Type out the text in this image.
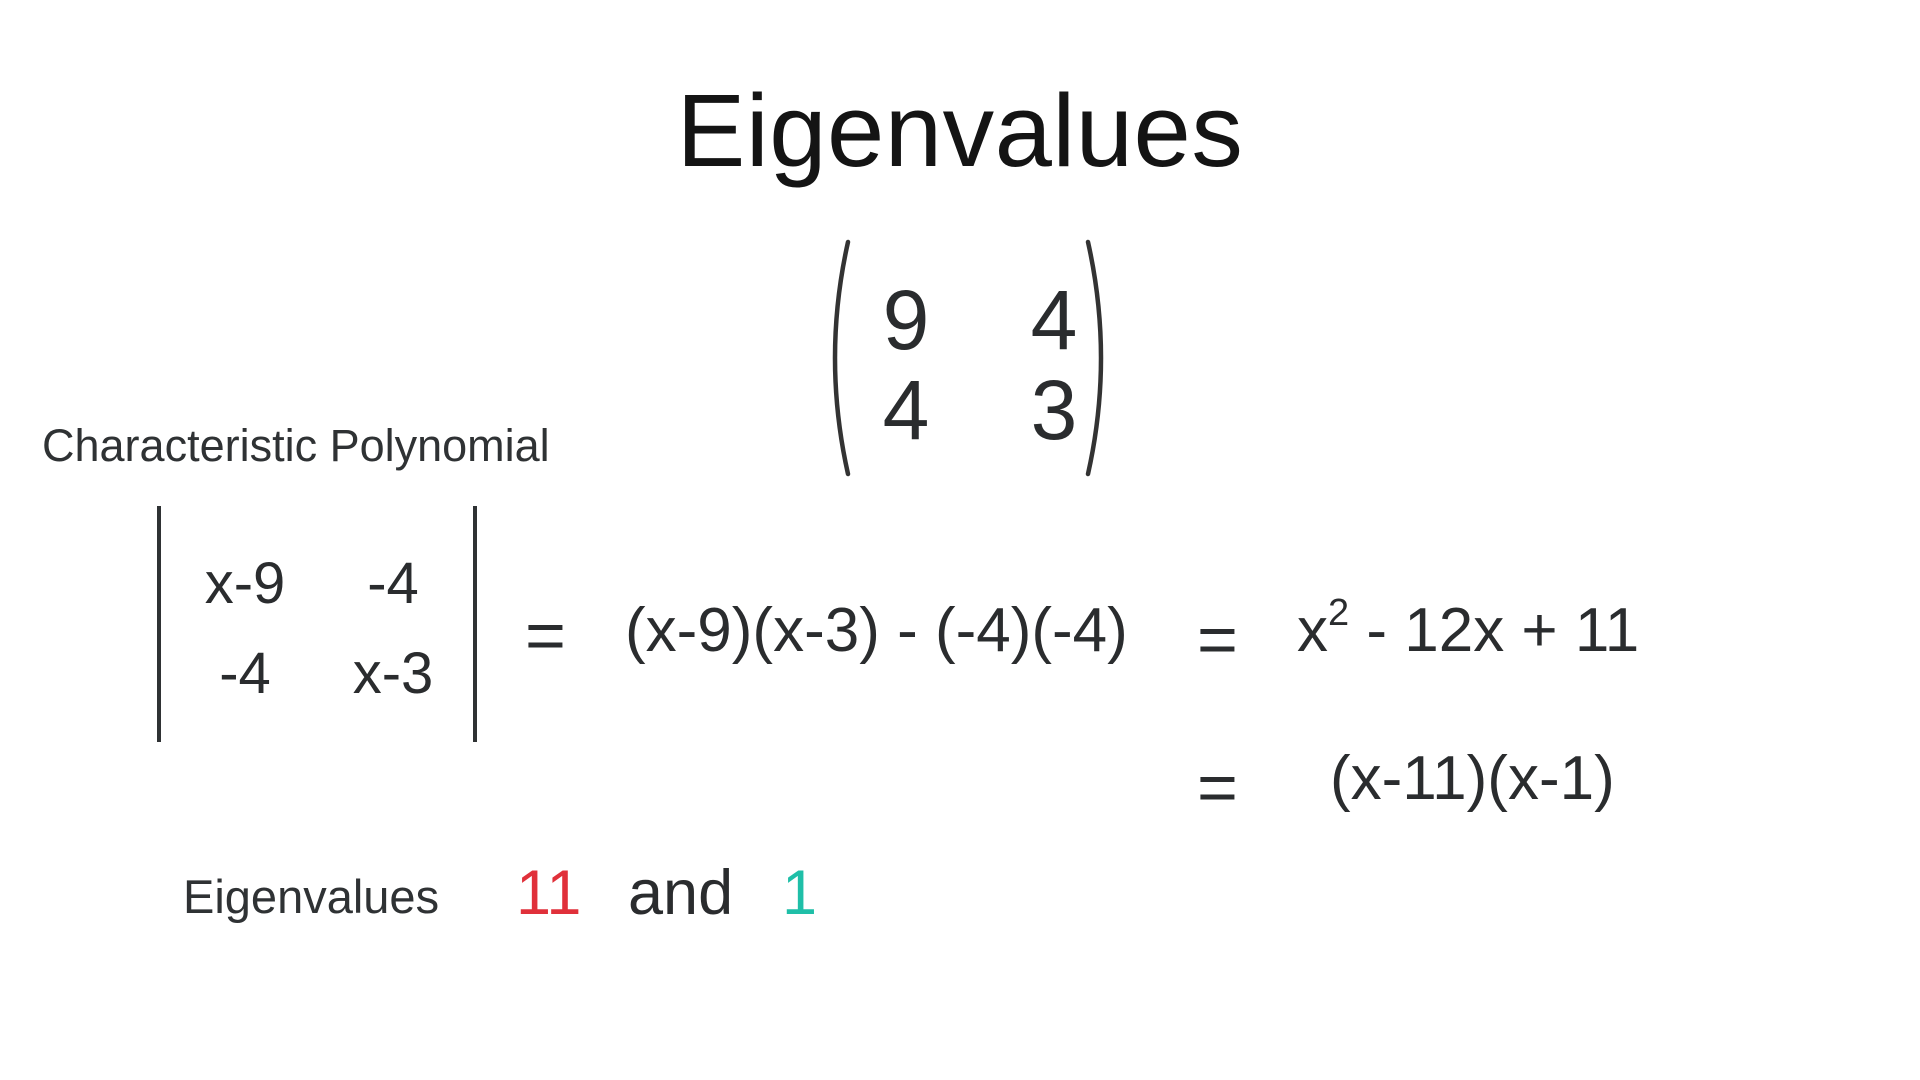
Eigenvalues
9 4
4 3
Characteristic Polynomial
x-9	-4
-4	x-3	= $(x-9)(x-3) - (-4)(-4) = x^2 - 12x + 11$
= (x-11)(x-1)
Eigenvalues 11 and 1
